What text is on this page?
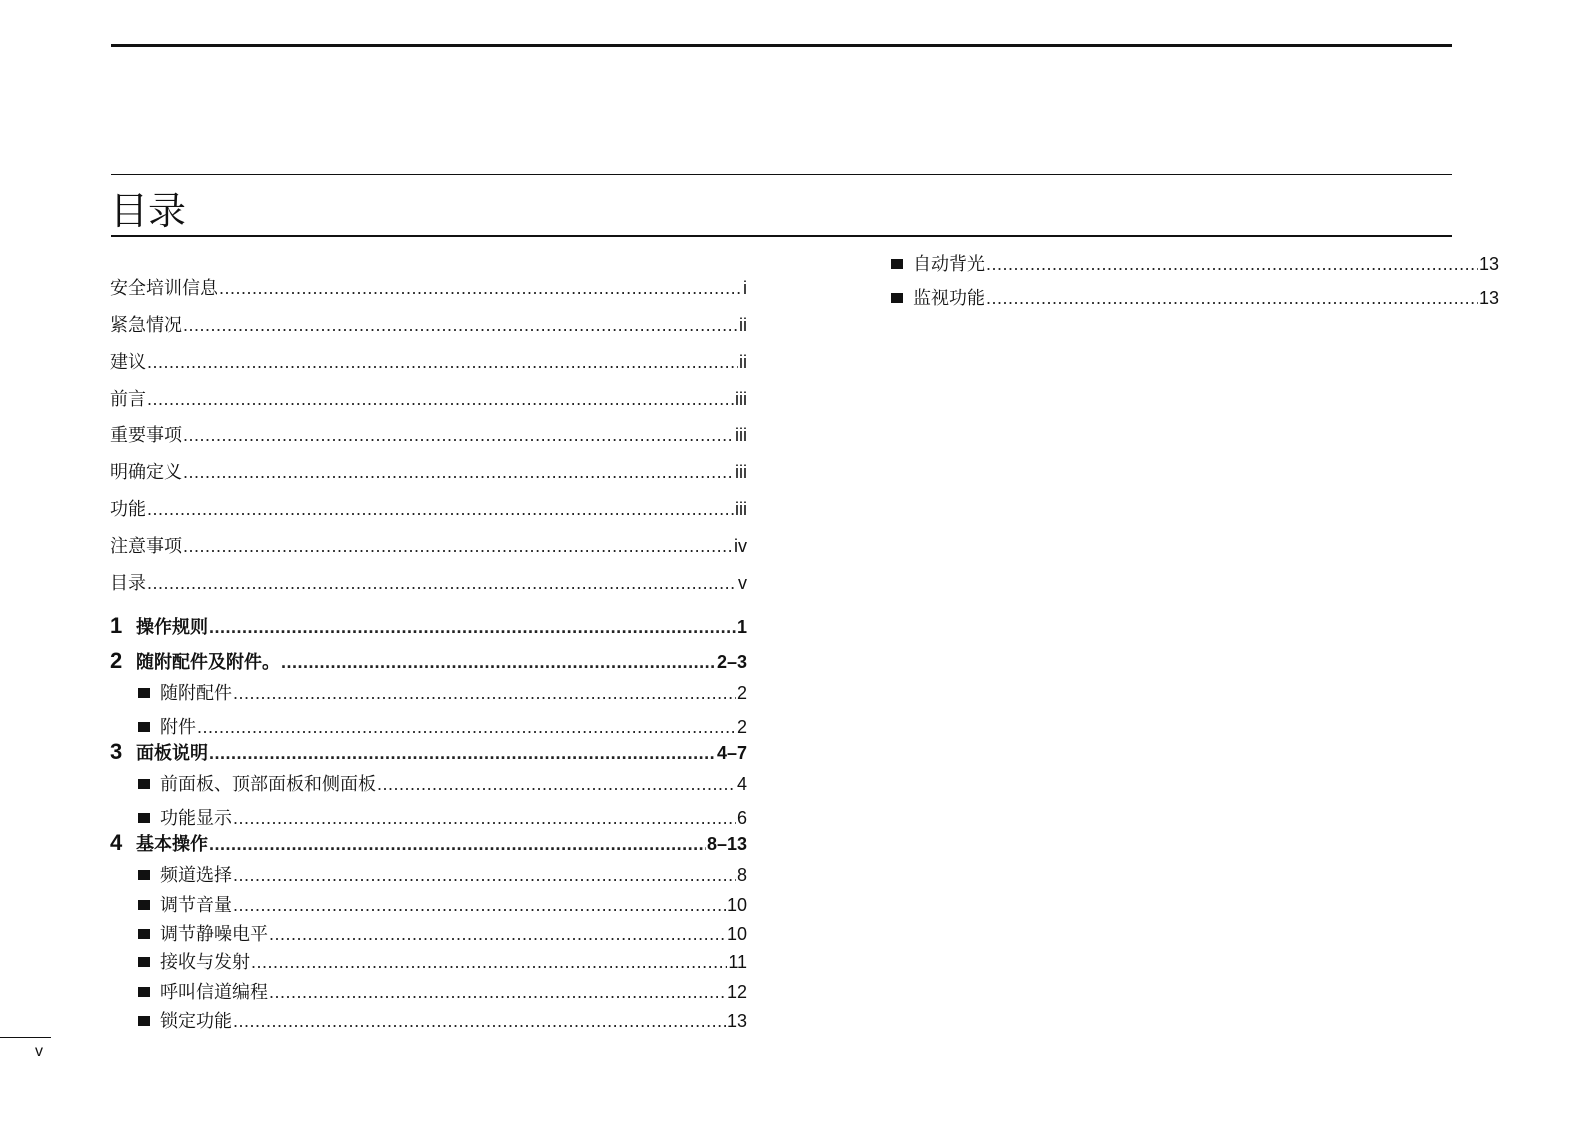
目录
安全培训信息 .....	i
紧急情况 .....	ii
建议 .....	ii
前言 .....	iii
重要事项 .....	iii
明确定义 .....	iii
功能 .....	iii
注意事项 .....	iv
目录 .....	v
1 操作规则 .....	1
2 随附配件及附件。 .....	2–3
随附配件 .....	2
附件 .....	2
3 面板说明 .....	4–7
前面板、顶部面板和侧面板 .....	4
功能显示 .....	6
4 基本操作 .....	8–13
频道选择 .....	8
调节音量 .....	10
调节静噪电平 .....	10
接收与发射 .....	11
呼叫信道编程 .....	12
锁定功能 .....	13
自动背光 .....	13
监视功能 .....	13
v
